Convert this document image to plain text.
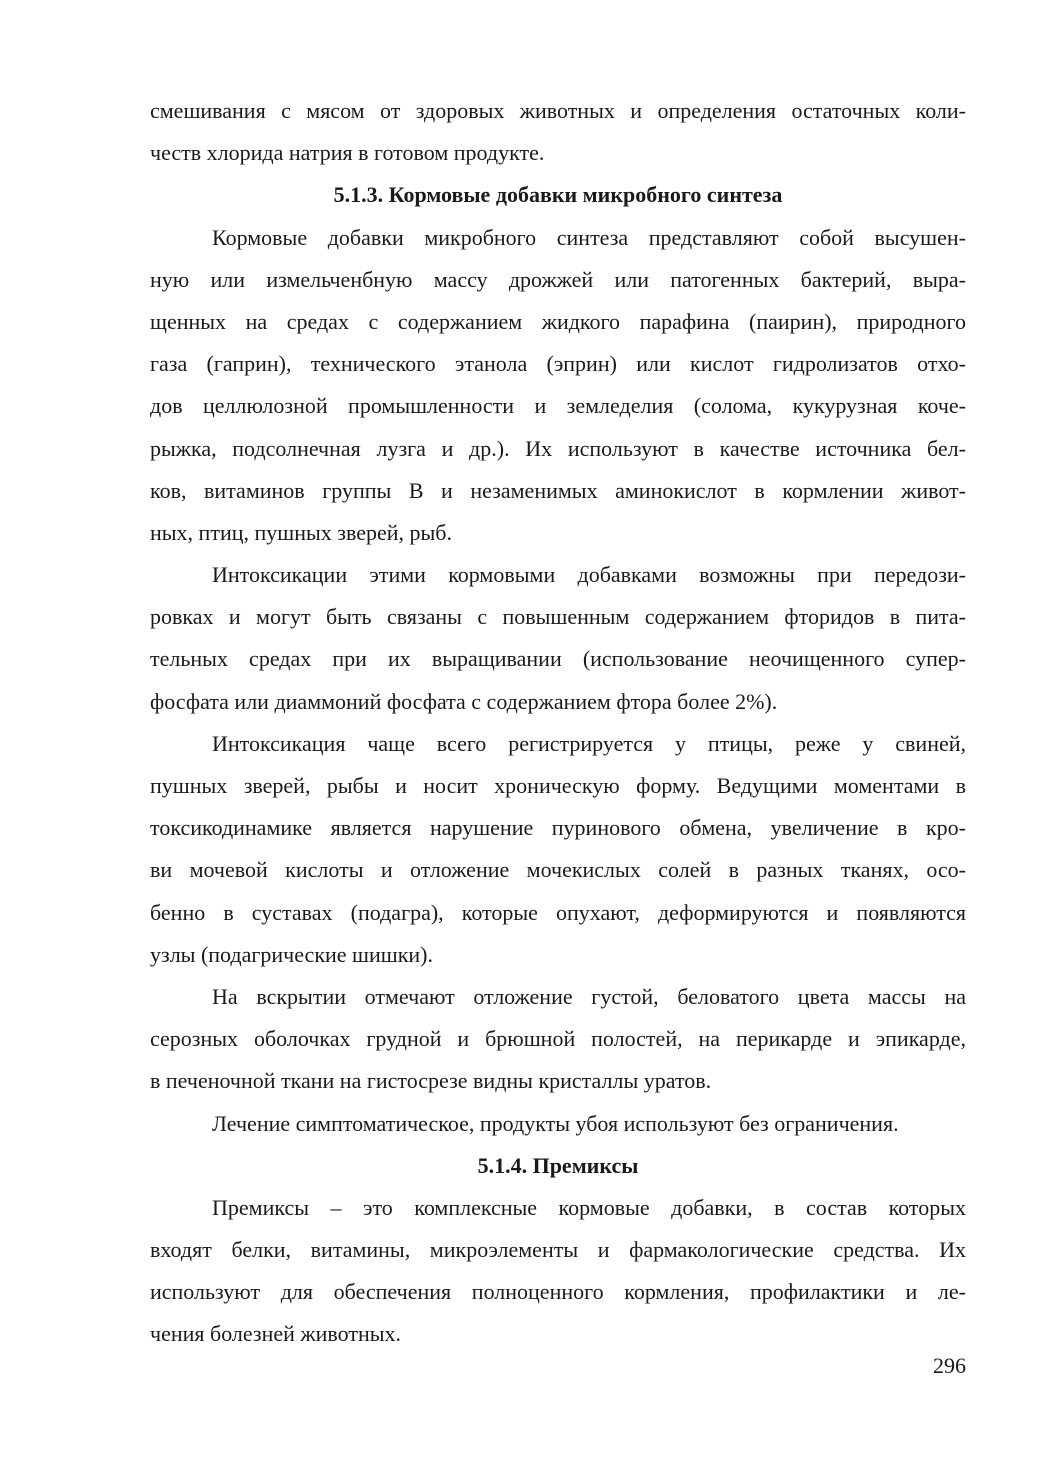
смешивания с мясом от здоровых животных и определения остаточных коли-
честв хлорида натрия в готовом продукте.
5.1.3. Кормовые добавки микробного синтеза
Кормовые добавки микробного синтеза представляют собой высушен-
ную или измельченбную массу дрожжей или патогенных бактерий, выра-
щенных на средах с содержанием жидкого парафина (паирин), природного
газа (гаприн), технического этанола (эприн) или кислот гидролизатов отхо-
дов целлюлозной промышленности и земледелия (солома, кукурузная коче-
рыжка, подсолнечная лузга и др.). Их используют в качестве источника бел-
ков, витаминов группы В и незаменимых аминокислот в кормлении живот-
ных, птиц, пушных зверей, рыб.
Интоксикации этими кормовыми добавками возможны при передози-
ровках и могут быть связаны с повышенным содержанием фторидов в пита-
тельных средах при их выращивании (использование неочищенного супер-
фосфата или диаммоний фосфата с содержанием фтора более 2%).
Интоксикация чаще всего регистрируется у птицы, реже у свиней,
пушных зверей, рыбы и носит хроническую форму. Ведущими моментами в
токсикодинамике является нарушение пуринового обмена, увеличение в кро-
ви мочевой кислоты и отложение мочекислых солей в разных тканях, осо-
бенно в суставах (подагра), которые опухают, деформируются и появляются
узлы (подагрические шишки).
На вскрытии отмечают отложение густой, беловатого цвета массы на
серозных оболочках грудной и брюшной полостей, на перикарде и эпикарде,
в печеночной ткани на гистосрезе видны кристаллы уратов.
Лечение симптоматическое, продукты убоя используют без ограничения.
5.1.4. Премиксы
Премиксы – это комплексные кормовые добавки, в состав которых
входят белки, витамины, микроэлементы и фармакологические средства. Их
используют для обеспечения полноценного кормления, профилактики и ле-
чения болезней животных.
296
